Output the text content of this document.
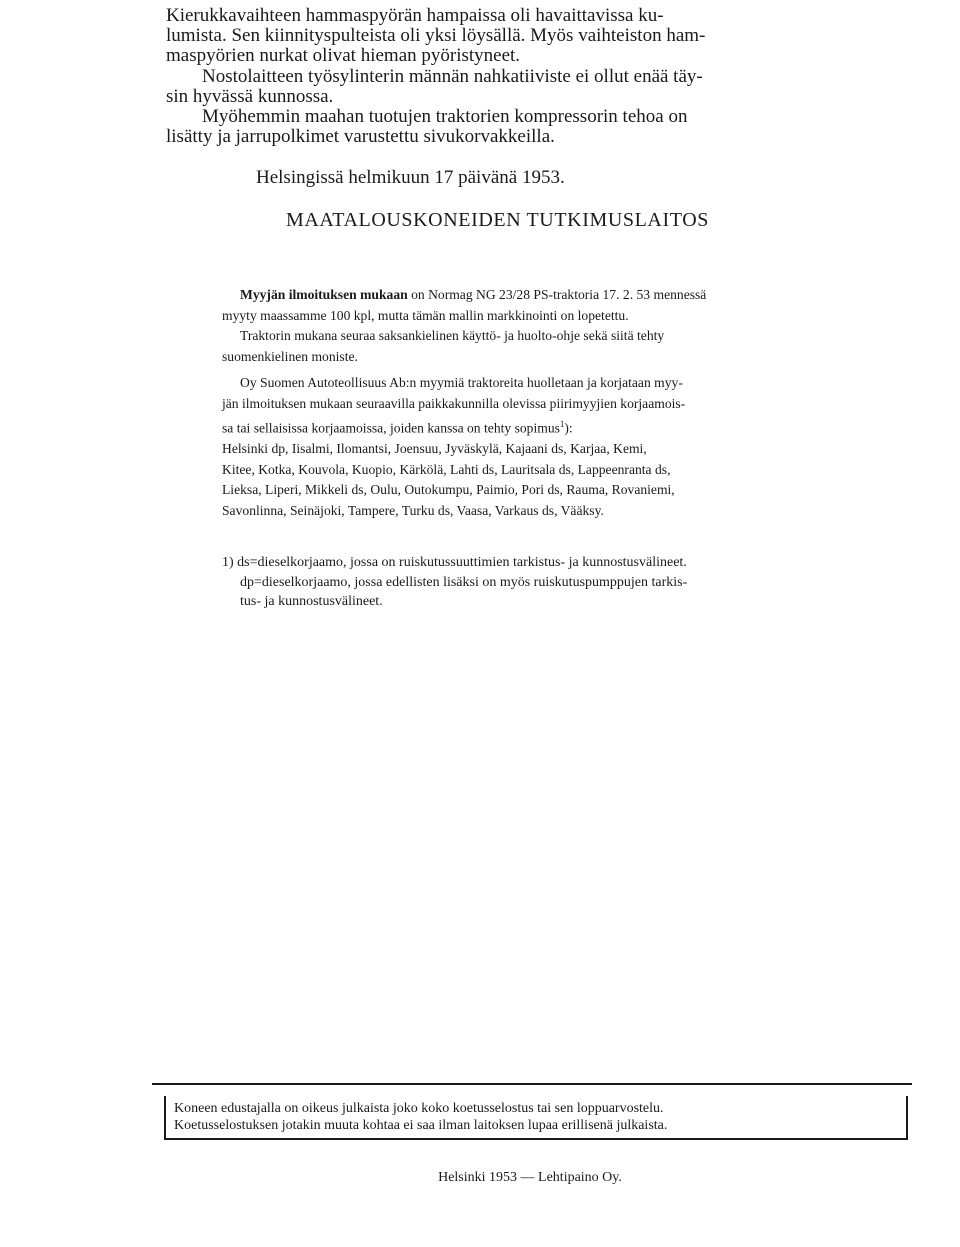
Kierukkavaihteen hammaspyörän hampaissa oli havaittavissa ku-
lumista. Sen kiinnityspulteista oli yksi löysällä. Myös vaihteiston ham-
maspyörien nurkat olivat hieman pyöristyneet.
Nostolaitteen työsylinterin männän nahkatiiviste ei ollut enää täy-
sin hyvässä kunnossa.
Myöhemmin maahan tuotujen traktorien kompressorin tehoa on
lisätty ja jarrupolkimet varustettu sivukorvakkeilla.
Helsingissä helmikuun 17 päivänä 1953.
MAATALOUSKONEIDEN TUTKIMUSLAITOS
Myyjän ilmoituksen mukaan on Normag NG 23/28 PS-traktoria 17. 2. 53 mennessä
myyty maassamme 100 kpl, mutta tämän mallin markkinointi on lopetettu.
Traktorin mukana seuraa saksankielinen käyttö- ja huolto-ohje sekä siitä tehty
suomenkielinen moniste.
Oy Suomen Autoteollisuus Ab:n myymiä traktoreita huolletaan ja korjataan myy-
jän ilmoituksen mukaan seuraavilla paikkakunnilla olevissa piirimyyjien korjaamois-
sa tai sellaisissa korjaamoissa, joiden kanssa on tehty sopimus$^1$):
Helsinki dp, Iisalmi, Ilomantsi, Joensuu, Jyväskylä, Kajaani ds, Karjaa, Kemi,
Kitee, Kotka, Kouvola, Kuopio, Kärkölä, Lahti ds, Lauritsala ds, Lappeenranta ds,
Lieksa, Liperi, Mikkeli ds, Oulu, Outokumpu, Paimio, Pori ds, Rauma, Rovaniemi,
Savonlinna, Seinäjoki, Tampere, Turku ds, Vaasa, Varkaus ds, Vääksy.
1) ds=dieselkorjaamo, jossa on ruiskutussuuttimien tarkistus- ja kunnostusvälineet.
dp=dieselkorjaamo, jossa edellisten lisäksi on myös ruiskutuspumppujen tarkis-
tus- ja kunnostusvälineet.
Koneen edustajalla on oikeus julkaista joko koko koetusselostus tai sen loppuarvostelu.
Koetusselostuksen jotakin muuta kohtaa ei saa ilman laitoksen lupaa erillisenä julkaista.
Helsinki 1953 — Lehtipaino Oy.
